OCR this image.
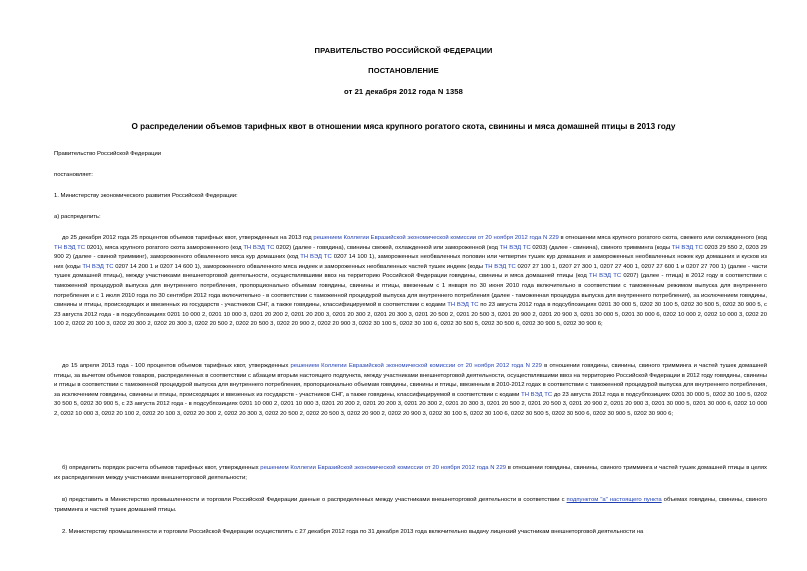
ПРАВИТЕЛЬСТВО РОССИЙСКОЙ ФЕДЕРАЦИИ
ПОСТАНОВЛЕНИЕ
от 21 декабря 2012 года N 1358
О распределении объемов тарифных квот в отношении мяса крупного рогатого скота, свинины и мяса домашней птицы в 2013 году
Правительство Российской Федерации
постановляет:
1. Министерству экономического развития Российской Федерации:
а) распределить:

до 25 декабря 2012 года 25 процентов объемов тарифных квот, утвержденных на 2013 год решением Коллегии Евразийской экономической комиссии от 20 ноября 2012 года N 229 в отношении мяса крупного рогатого скота, свежего или охлажденного (код ТН ВЭД ТС 0201), мяса крупного рогатого скота замороженного (код ТН ВЭД ТС 0202) (далее - говядина), свинины свежей, охлажденной или замороженной (код ТН ВЭД ТС 0203) (далее - свинина), свиного тримминга (коды ТН ВЭД ТС 0203 29 550 2, 0203 29 900 2) (далее - свиной тримминг), замороженного обваленного мяса кур домашних (код ТН ВЭД ТС 0207 14 100 1), замороженных необваленных половин или четвертин тушек кур домашних и замороженных необваленных ножек кур домашних и кусков из них (коды ТН ВЭД ТС 0207 14 200 1 и 0207 14 600 1), замороженного обваленного мяса индеек и замороженных необваленных частей тушек индеек (коды ТН ВЭД ТС 0207 27 100 1, 0207 27 300 1, 0207 27 400 1, 0207 27 600 1 и 0207 27 700 1) (далее - части тушек домашней птицы), между участниками внешнеторговой деятельности, осуществлявшими ввоз на территорию Российской Федерации говядины, свинины и мяса домашней птицы (код ТН ВЭД ТС 0207) (далее - птица) в 2012 году в соответствии с таможенной процедурой выпуска для внутреннего потребления, пропорционально объемам говядины, свинины и птицы, ввезенным с 1 января по 30 июня 2010 года включительно в соответствии с таможенным режимом выпуска для внутреннего потребления и с 1 июля 2010 года по 30 сентября 2012 года включительно - в соответствии с таможенной процедурой выпуска для внутреннего потребления (далее - таможенная процедура выпуска для внутреннего потребления), за исключением говядины, свинины и птицы, происходящих и ввезенных из государств - участников СНГ, а также говядины, классифицируемой в соответствии с кодами ТН ВЭД ТС по 23 августа 2012 года в подсубпозициях 0201 30 000 5, 0202 30 100 5, 0202 30 500 5, 0202 30 900 5, с 23 августа 2012 года - в подсубпозициях 0201 10 000 2, 0201 10 000 3, 0201 20 200 2, 0201 20 200 3, 0201 20 300 2, 0201 20 300 3, 0201 20 500 2, 0201 20 500 3, 0201 20 900 2, 0201 20 900 3, 0201 30 000 5, 0201 30 000 6, 0202 10 000 2, 0202 10 000 3, 0202 20 100 2, 0202 20 100 3, 0202 20 300 2, 0202 20 300 3, 0202 20 500 2, 0202 20 500 3, 0202 20 900 2, 0202 20 900 3, 0202 30 100 5, 0202 30 100 6, 0202 30 500 5, 0202 30 500 6, 0202 30 900 5, 0202 30 900 6;

до 15 апреля 2013 года - 100 процентов объемов тарифных квот, утвержденных решением Коллегии Евразийской экономической комиссии от 20 ноября 2012 года N 229 в отношении говядины, свинины, свиного тримминга и частей тушек домашней птицы, за вычетом объемов товаров, распределенных в соответствии с абзацем вторым настоящего подпункта, между участниками внешнеторговой деятельности, осуществлявшими ввоз на территорию Российской Федерации в 2012 году говядины, свинины и птицы в соответствии с таможенной процедурой выпуска для внутреннего потребления, пропорционально объемам говядины, свинины и птицы, ввезенным в 2010-2012 годах в соответствии с таможенной процедурой выпуска для внутреннего потребления, за исключением говядины, свинины и птицы, происходящих и ввезенных из государств - участников СНГ, а также говядины, классифицируемой в соответствии с кодами ТН ВЭД ТС до 23 августа 2012 года в подсубпозициях 0201 30 000 5, 0202 30 100 5, 0202 30 500 5, 0202 30 900 5, с 23 августа 2012 года - в подсубпозициях 0201 10 000 2, 0201 10 000 3, 0201 20 200 2, 0201 20 200 3, 0201 20 300 2, 0201 20 300 3, 0201 20 500 2, 0201 20 500 3, 0201 20 900 2, 0201 20 900 3, 0201 30 000 5, 0201 30 000 6, 0202 10 000 2, 0202 10 000 3, 0202 20 100 2, 0202 20 100 3, 0202 20 300 2, 0202 20 300 3, 0202 20 500 2, 0202 20 500 3, 0202 20 900 2, 0202 20 900 3, 0202 30 100 5, 0202 30 100 6, 0202 30 500 5, 0202 30 500 6, 0202 30 900 5, 0202 30 900 6;

б) определить порядок расчета объемов тарифных квот, утвержденных решением Коллегии Евразийской экономической комиссии от 20 ноября 2012 года N 229 в отношении говядины, свинины, свиного тримминга и частей тушек домашней птицы в целях их распределения между участниками внешнеторговой деятельности;

в) представить в Министерство промышленности и торговли Российской Федерации данные о распределенных между участниками внешнеторговой деятельности в соответствии с подпунктом "а" настоящего пункта объемах говядины, свинины, свиного тримминга и частей тушек домашней птицы.

2. Министерству промышленности и торговли Российской Федерации осуществлять с 27 декабря 2012 года по 31 декабря 2013 года включительно выдачу лицензий участникам внешнеторговой деятельности на
